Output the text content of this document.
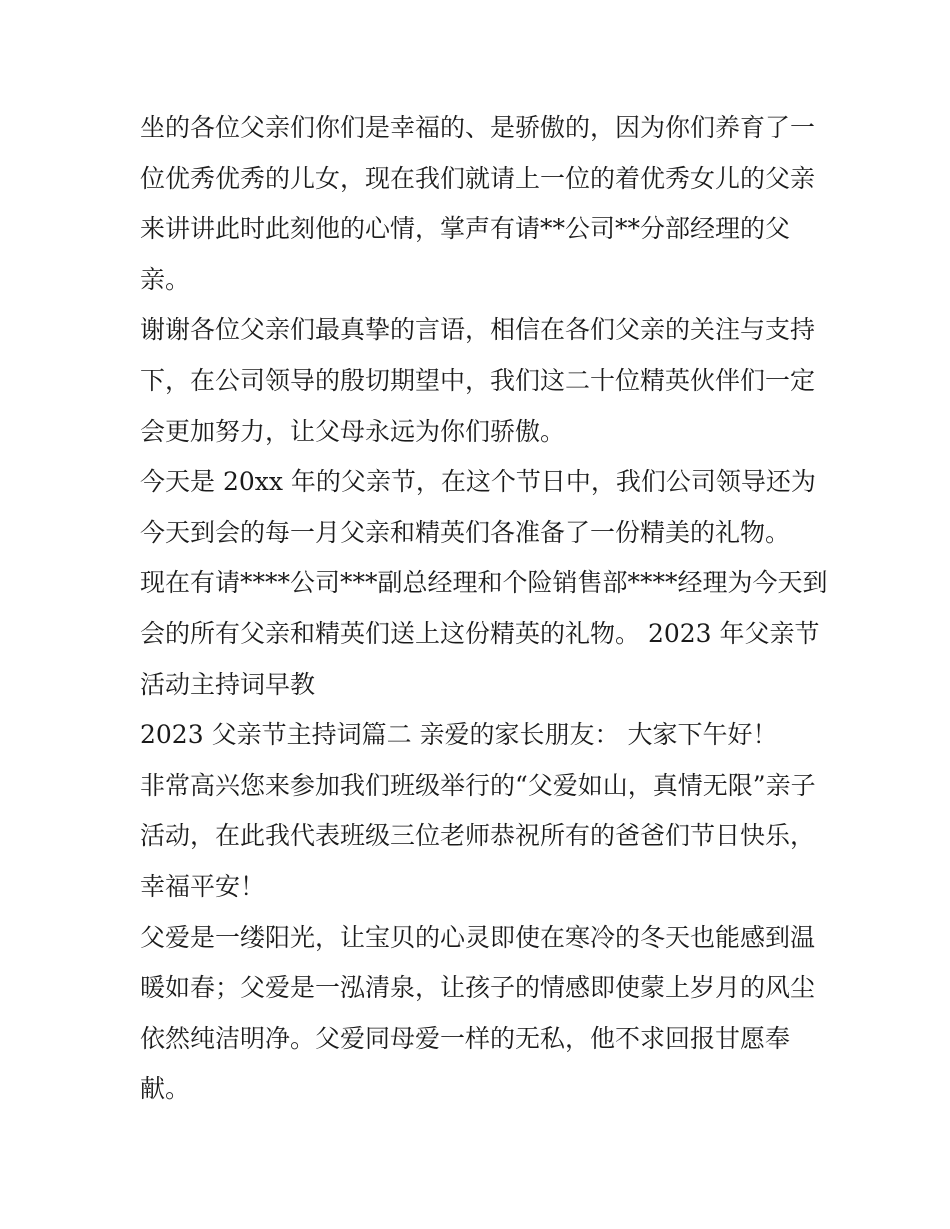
坐的各位父亲们你们是幸福的、是骄傲的，因为你们养育了一
位优秀优秀的儿女，现在我们就请上一位的着优秀女儿的父亲
来讲讲此时此刻他的心情，掌声有请**公司**分部经理的父
亲。
谢谢各位父亲们最真挚的言语，相信在各们父亲的关注与支持
下，在公司领导的殷切期望中，我们这二十位精英伙伴们一定
会更加努力，让父母永远为你们骄傲。
今天是 20xx 年的父亲节，在这个节日中，我们公司领导还为
今天到会的每一月父亲和精英们各准备了一份精美的礼物。
现在有请****公司***副总经理和个险销售部****经理为今天到
会的所有父亲和精英们送上这份精英的礼物。 2023 年父亲节
活动主持词早教
2023 父亲节主持词篇二 亲爱的家长朋友： 大家下午好！
非常高兴您来参加我们班级举行的“父爱如山，真情无限”亲子
活动，在此我代表班级三位老师恭祝所有的爸爸们节日快乐，
幸福平安！
父爱是一缕阳光，让宝贝的心灵即使在寒冷的冬天也能感到温
暖如春；父爱是一泓清泉，让孩子的情感即使蒙上岁月的风尘
依然纯洁明净。父爱同母爱一样的无私，他不求回报甘愿奉
献。
